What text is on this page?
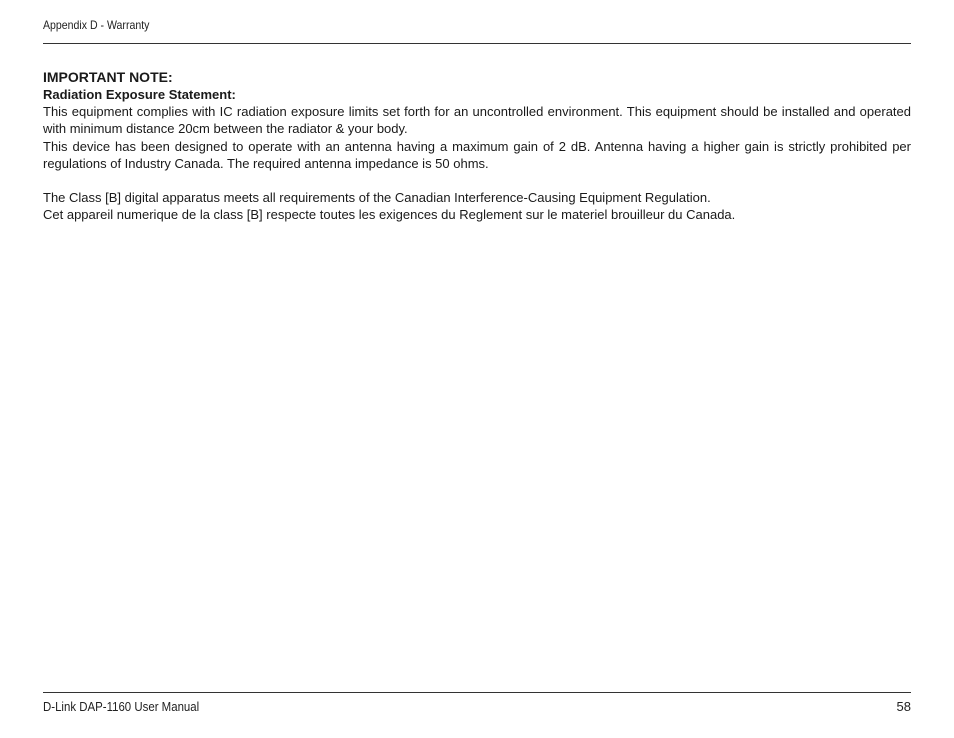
Appendix D - Warranty

IMPORTANT NOTE:

Radiation Exposure Statement:

This equipment complies with IC radiation exposure limits set forth for an uncontrolled environment. This equipment should be installed and operated with minimum distance 20cm between the radiator & your body.

This device has been designed to operate with an antenna having a maximum gain of 2 dB. Antenna having a higher gain is strictly prohibited per regulations of Industry Canada. The required antenna impedance is 50 ohms.

The Class [B] digital apparatus meets all requirements of the Canadian Interference-Causing Equipment Regulation.

Cet appareil numerique de la class [B] respecte toutes les exigences du Reglement sur le materiel brouilleur du Canada.

D-Link DAP-1160 User Manual	58
